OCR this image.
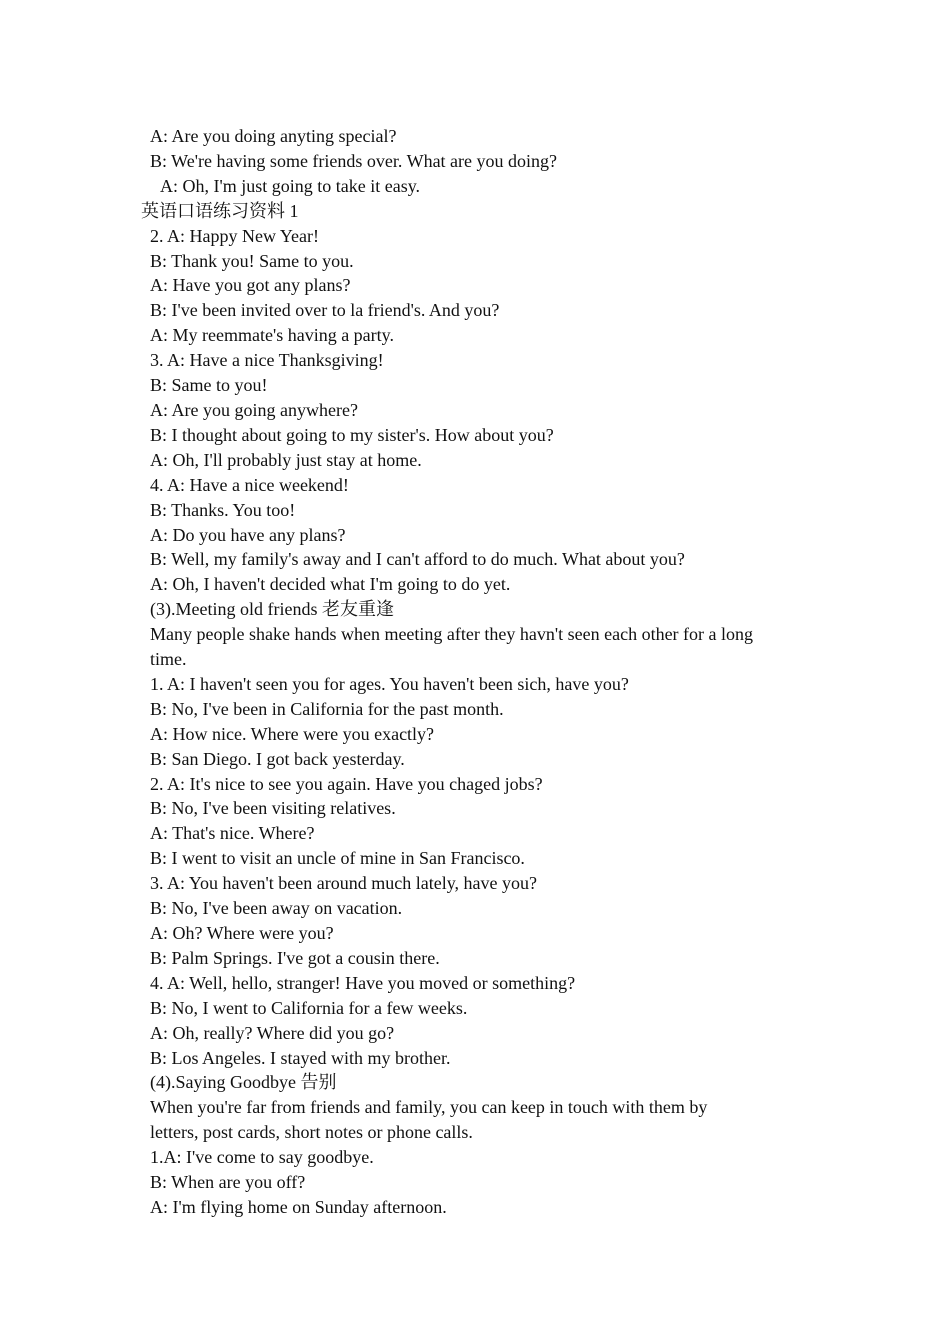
A: Are you doing anyting special?
B: We're having some friends over. What are you doing?
A: Oh, I'm just going to take it easy.
英语口语练习资料 1
2. A: Happy New Year!
B: Thank you! Same to you.
A: Have you got any plans?
B: I've been invited over to la friend's. And you?
A: My reemmate's having a party.
3. A: Have a nice Thanksgiving!
B: Same to you!
A: Are you going anywhere?
B: I thought about going to my sister's. How about you?
A: Oh, I'll probably just stay at home.
4. A: Have a nice weekend!
B: Thanks. You too!
A: Do you have any plans?
B: Well, my family's away and I can't afford to do much. What about you?
A: Oh, I haven't decided what I'm going to do yet.
(3).Meeting old friends 老友重逢
Many people shake hands when meeting after they havn't seen each other for a long time.
1. A: I haven't seen you for ages. You haven't been sich, have you?
B: No, I've been in California for the past month.
A: How nice. Where were you exactly?
B: San Diego. I got back yesterday.
2. A: It's nice to see you again. Have you chaged jobs?
B: No, I've been visiting relatives.
A: That's nice. Where?
B: I went to visit an uncle of mine in San Francisco.
3. A: You haven't been around much lately, have you?
B: No, I've been away on vacation.
A: Oh? Where were you?
B: Palm Springs. I've got a cousin there.
4. A: Well, hello, stranger! Have you moved or something?
B: No, I went to California for a few weeks.
A: Oh, really? Where did you go?
B: Los Angeles. I stayed with my brother.
(4).Saying Goodbye 告别
When you're far from friends and family, you can keep in touch with them by letters, post cards, short notes or phone calls.
1.A: I've come to say goodbye.
B: When are you off?
A: I'm flying home on Sunday afternoon.
